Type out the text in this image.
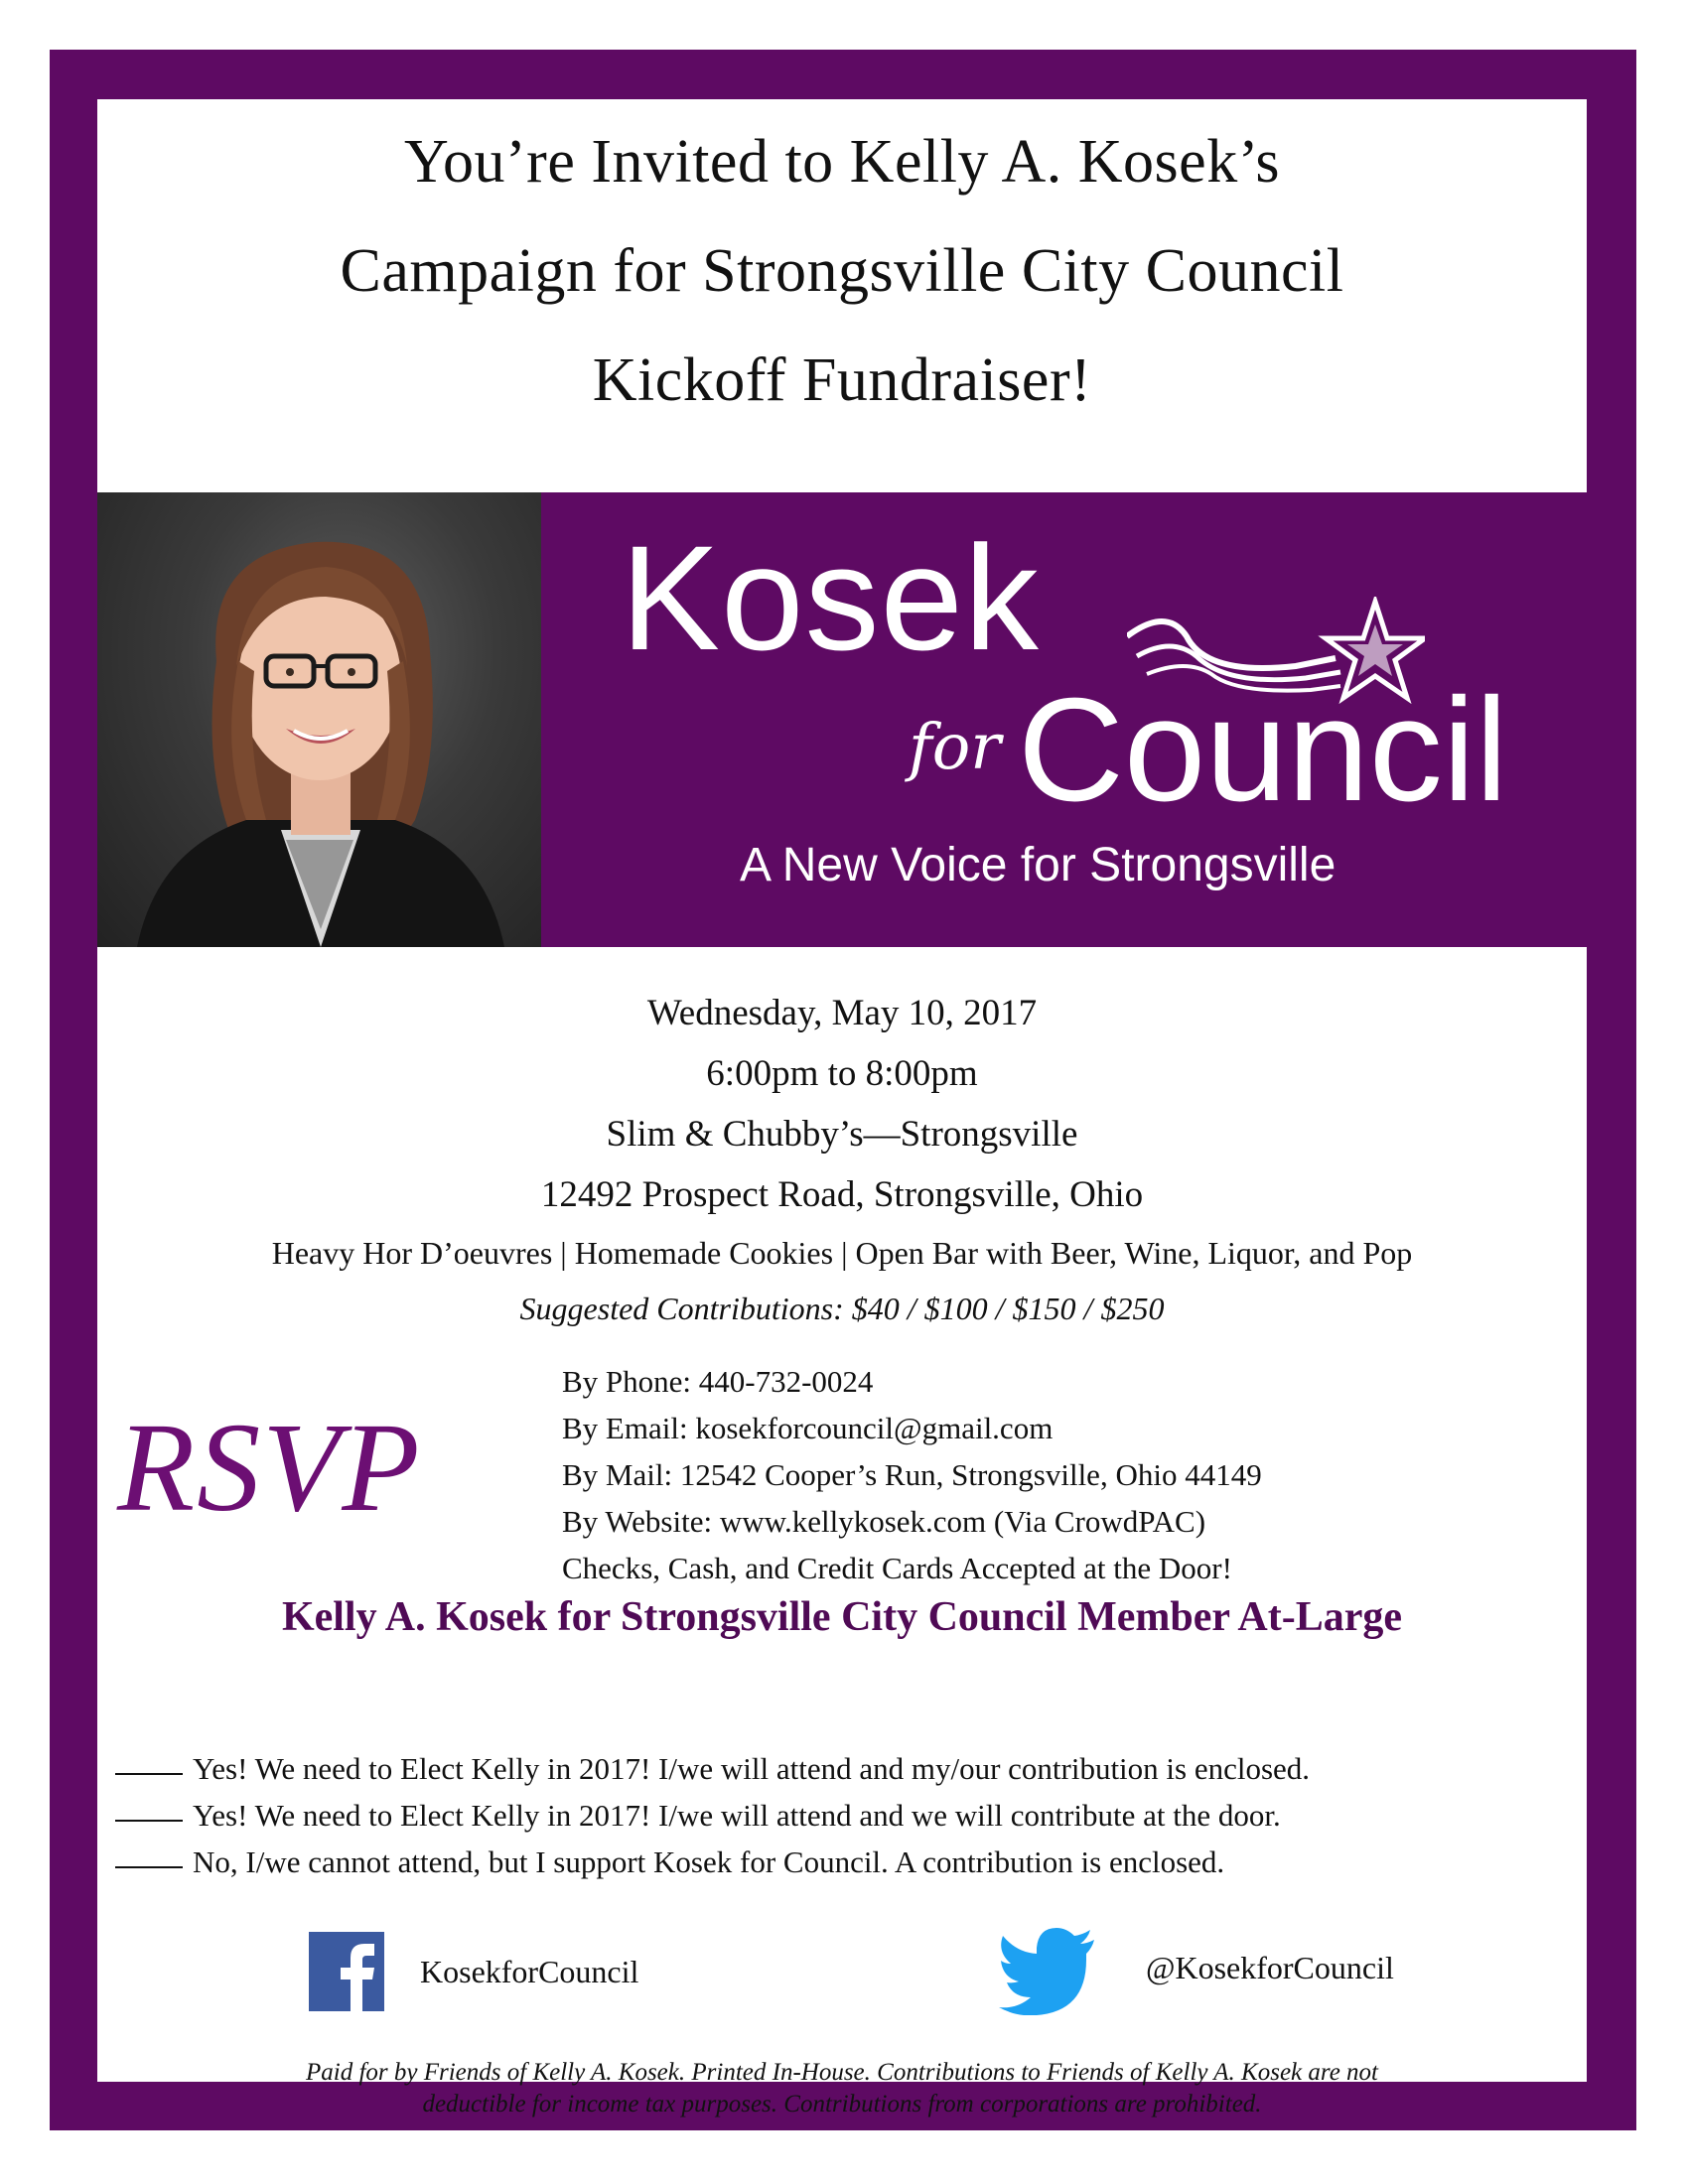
You’re Invited to Kelly A. Kosek’s
Campaign for Strongsville City Council
Kickoff Fundraiser!
Kosek
for Council
A New Voice for Strongsville
Wednesday, May 10, 2017
6:00pm to 8:00pm
Slim & Chubby’s—Strongsville
12492 Prospect Road, Strongsville, Ohio
Heavy Hor D’oeuvres | Homemade Cookies | Open Bar with Beer, Wine, Liquor, and Pop
Suggested Contributions: $40 / $100 / $150 / $250
RSVP
By Phone: 440-732-0024
By Email: kosekforcouncil@gmail.com
By Mail: 12542 Cooper’s Run, Strongsville, Ohio 44149
By Website: www.kellykosek.com (Via CrowdPAC)
Checks, Cash, and Credit Cards Accepted at the Door!
Kelly A. Kosek for Strongsville City Council Member At-Large
Yes! We need to Elect Kelly in 2017! I/we will attend and my/our contribution is enclosed.
Yes! We need to Elect Kelly in 2017! I/we will attend and we will contribute at the door.
No, I/we cannot attend, but I support Kosek for Council. A contribution is enclosed.
KosekforCouncil	@KosekforCouncil
Paid for by Friends of Kelly A. Kosek. Printed In-House. Contributions to Friends of Kelly A. Kosek are not
deductible for income tax purposes. Contributions from corporations are prohibited.
